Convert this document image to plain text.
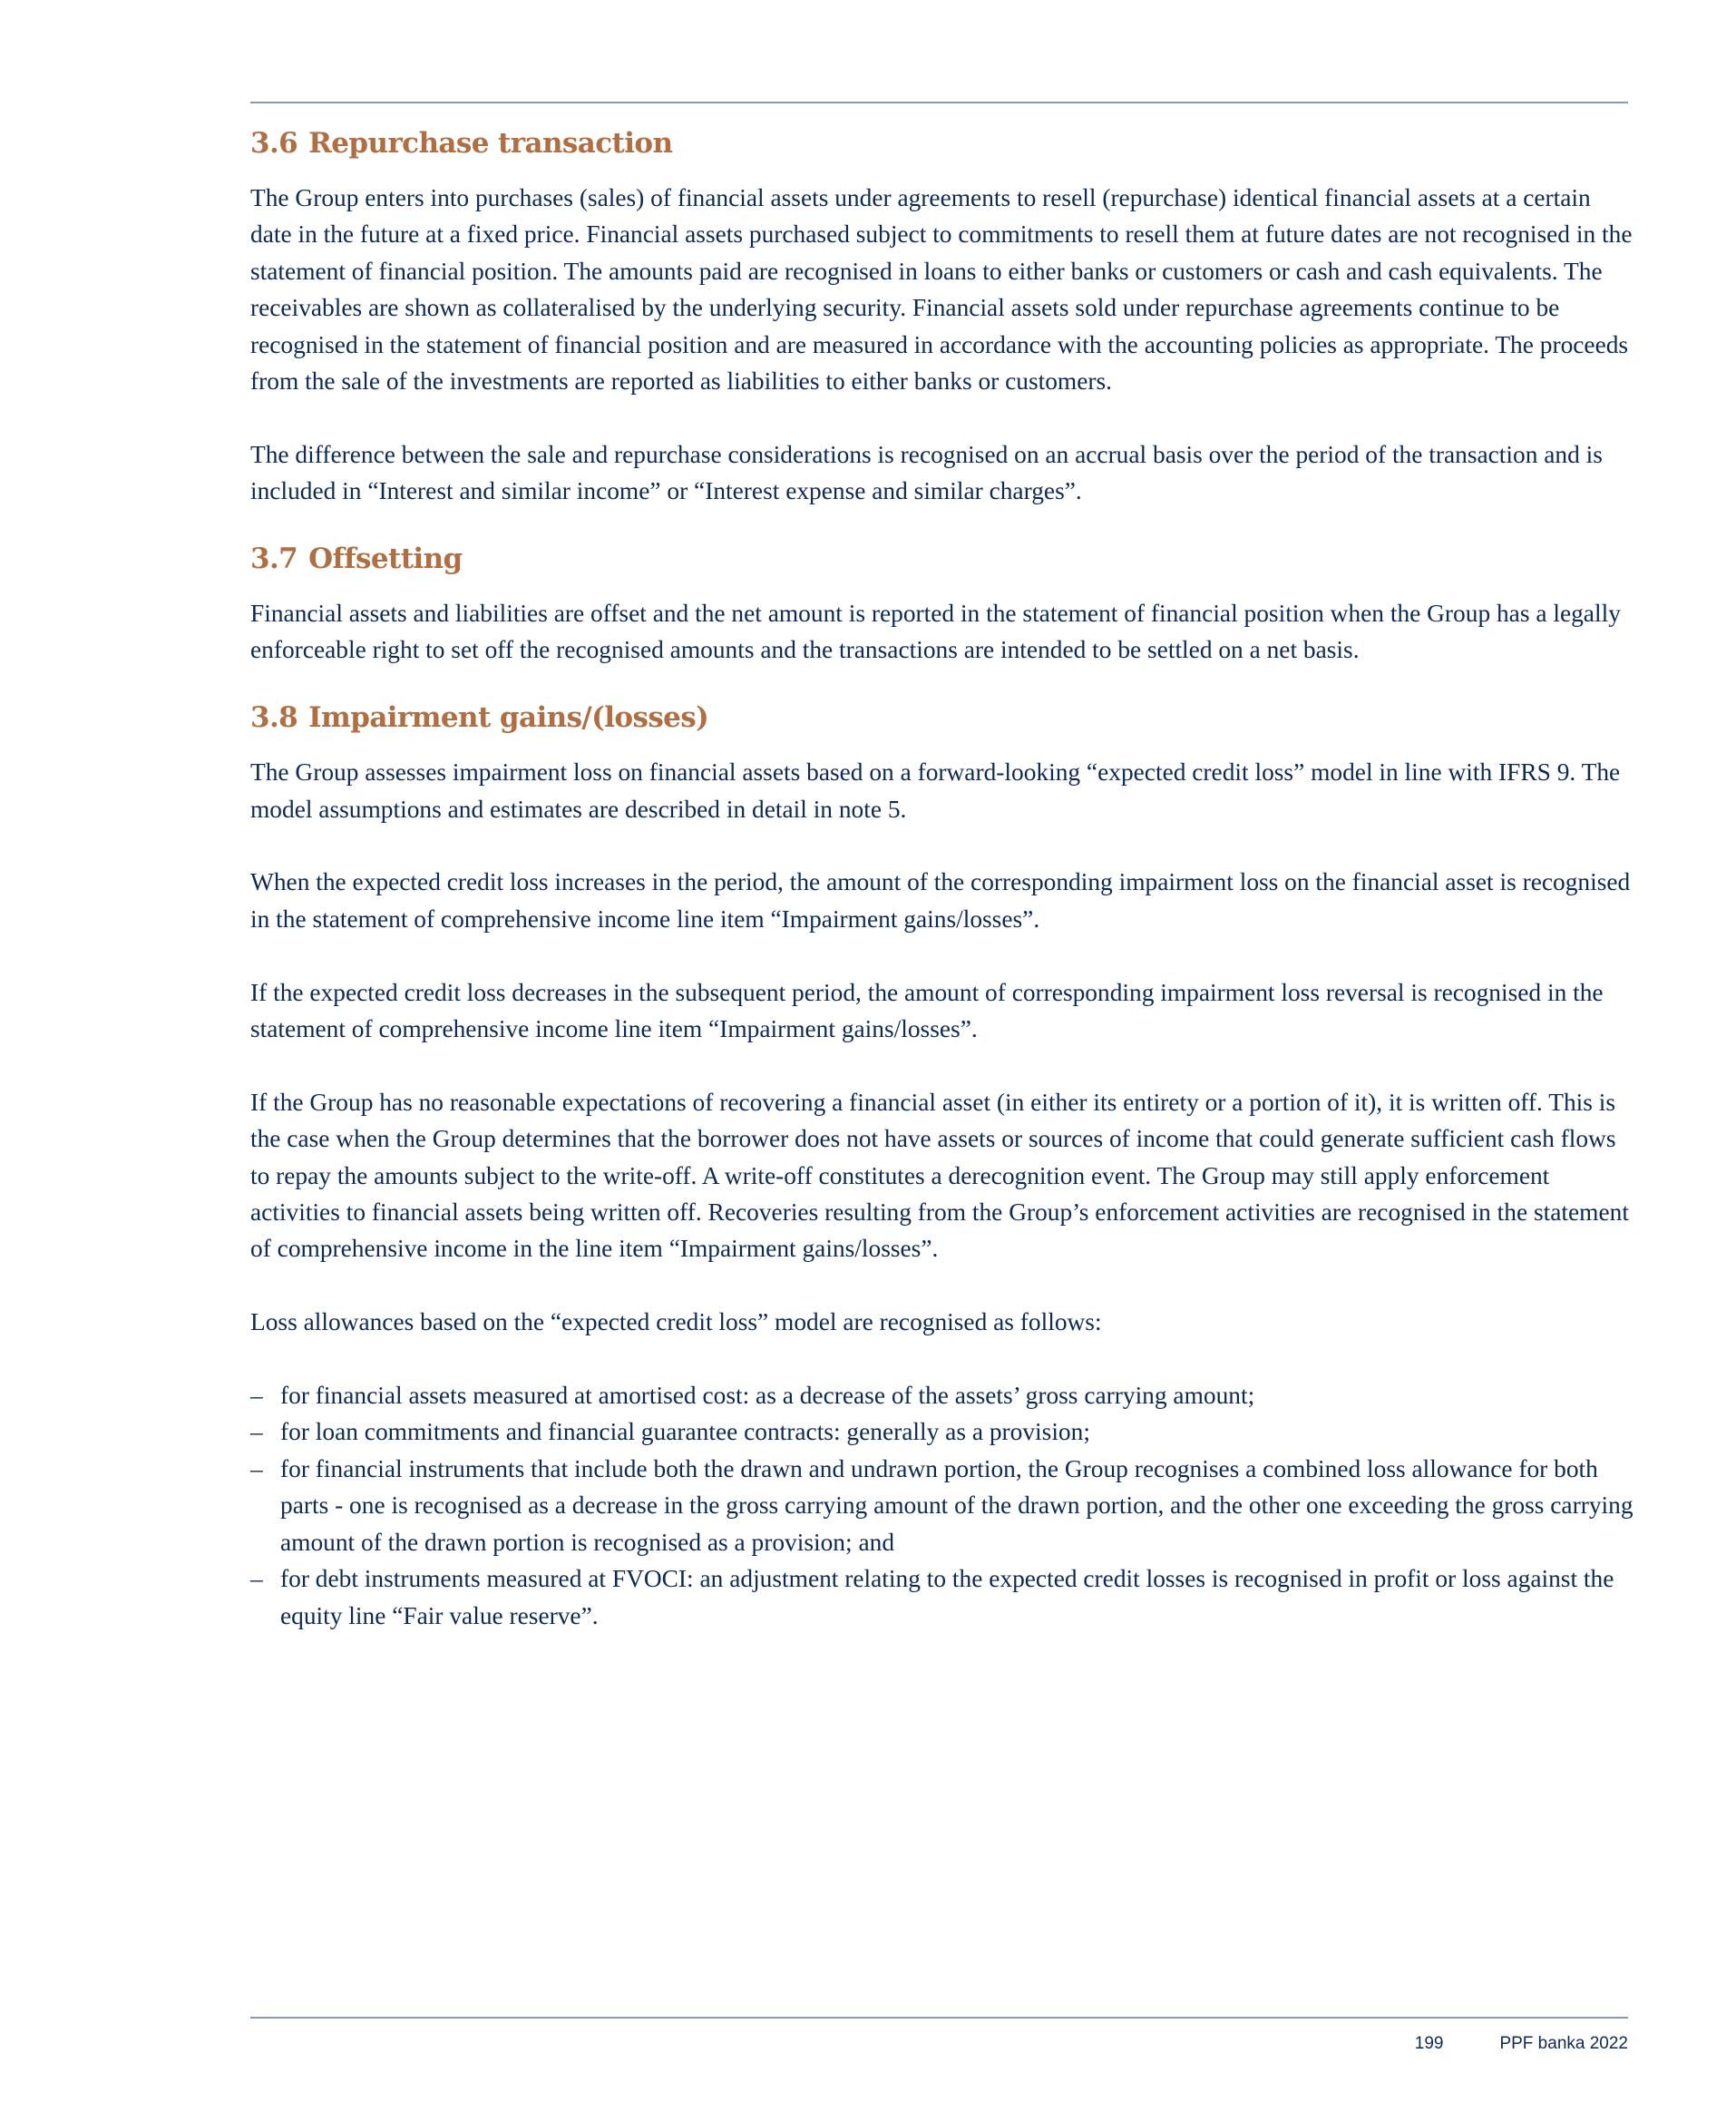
3.6 Repurchase transaction

The Group enters into purchases (sales) of financial assets under agreements to resell (repurchase) identical financial assets at a certain date in the future at a fixed price. Financial assets purchased subject to commitments to resell them at future dates are not recognised in the statement of financial position. The amounts paid are recognised in loans to either banks or customers or cash and cash equivalents. The receivables are shown as collateralised by the underlying security. Financial assets sold under repurchase agreements continue to be recognised in the statement of financial position and are measured in accordance with the accounting policies as appropriate. The proceeds from the sale of the investments are reported as liabilities to either banks or customers.

The difference between the sale and repurchase considerations is recognised on an accrual basis over the period of the transaction and is included in “Interest and similar income” or “Interest expense and similar charges”.

3.7 Offsetting

Financial assets and liabilities are offset and the net amount is reported in the statement of financial position when the Group has a legally enforceable right to set off the recognised amounts and the transactions are intended to be settled on a net basis.

3.8 Impairment gains/(losses)

The Group assesses impairment loss on financial assets based on a forward-looking “expected credit loss” model in line with IFRS 9. The model assumptions and estimates are described in detail in note 5.

When the expected credit loss increases in the period, the amount of the corresponding impairment loss on the financial asset is recognised in the statement of comprehensive income line item “Impairment gains/losses”.

If the expected credit loss decreases in the subsequent period, the amount of corresponding impairment loss reversal is recognised in the statement of comprehensive income line item “Impairment gains/losses”.

If the Group has no reasonable expectations of recovering a financial asset (in either its entirety or a portion of it), it is written off. This is the case when the Group determines that the borrower does not have assets or sources of income that could generate sufficient cash flows to repay the amounts subject to the write-off. A write-off constitutes a derecognition event. The Group may still apply enforcement activities to financial assets being written off. Recoveries resulting from the Group’s enforcement activities are recognised in the statement of comprehensive income in the line item “Impairment gains/losses”.

Loss allowances based on the “expected credit loss” model are recognised as follows:

– for financial assets measured at amortised cost: as a decrease of the assets’ gross carrying amount;
– for loan commitments and financial guarantee contracts: generally as a provision;
– for financial instruments that include both the drawn and undrawn portion, the Group recognises a combined loss allowance for both parts - one is recognised as a decrease in the gross carrying amount of the drawn portion, and the other one exceeding the gross carrying amount of the drawn portion is recognised as a provision; and
– for debt instruments measured at FVOCI: an adjustment relating to the expected credit losses is recognised in profit or loss against the equity line “Fair value reserve”.
199	PPF banka 2022
